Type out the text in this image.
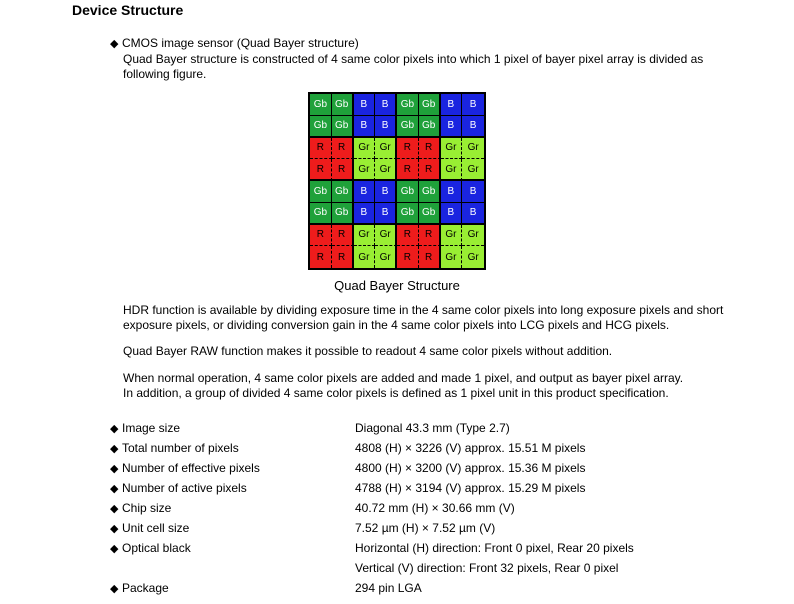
Device Structure
◆ CMOS image sensor (Quad Bayer structure)
Quad Bayer structure is constructed of 4 same color pixels into which 1 pixel of bayer pixel array is divided as
following figure.
Gb Gb	B	B	Gb Gb	B	B
Gb Gb	B	B	Gb Gb	B	B
R	R	Gr	Gr	R	R	Gr	Gr
R	R	Gr	Gr	R	R	Gr	Gr
Gb Gb	B	B	Gb Gb	B	B
Gb Gb	B	B	Gb Gb	B	B
R	R	Gr	Gr	R	R	Gr	Gr
R	R	Gr	Gr	R	R	Gr	Gr
Quad Bayer Structure
HDR function is available by dividing exposure time in the 4 same color pixels into long exposure pixels and short
exposure pixels, or dividing conversion gain in the 4 same color pixels into LCG pixels and HCG pixels.
Quad Bayer RAW function makes it possible to readout 4 same color pixels without addition.
When normal operation, 4 same color pixels are added and made 1 pixel, and output as bayer pixel array.
In addition, a group of divided 4 same color pixels is defined as 1 pixel unit in this product specification.
◆ Image size	Diagonal 43.3 mm (Type 2.7)
◆ Total number of pixels	4808 (H) × 3226 (V) approx. 15.51 M pixels
◆ Number of effective pixels	4800 (H) × 3200 (V) approx. 15.36 M pixels
◆ Number of active pixels	4788 (H) × 3194 (V) approx. 15.29 M pixels
◆ Chip size	40.72 mm (H) × 30.66 mm (V)
◆ Unit cell size	7.52 µm (H) × 7.52 µm (V)
◆ Optical black	Horizontal (H) direction: Front 0 pixel, Rear 20 pixels
Vertical (V) direction: Front 32 pixels, Rear 0 pixel
◆ Package	294 pin LGA
